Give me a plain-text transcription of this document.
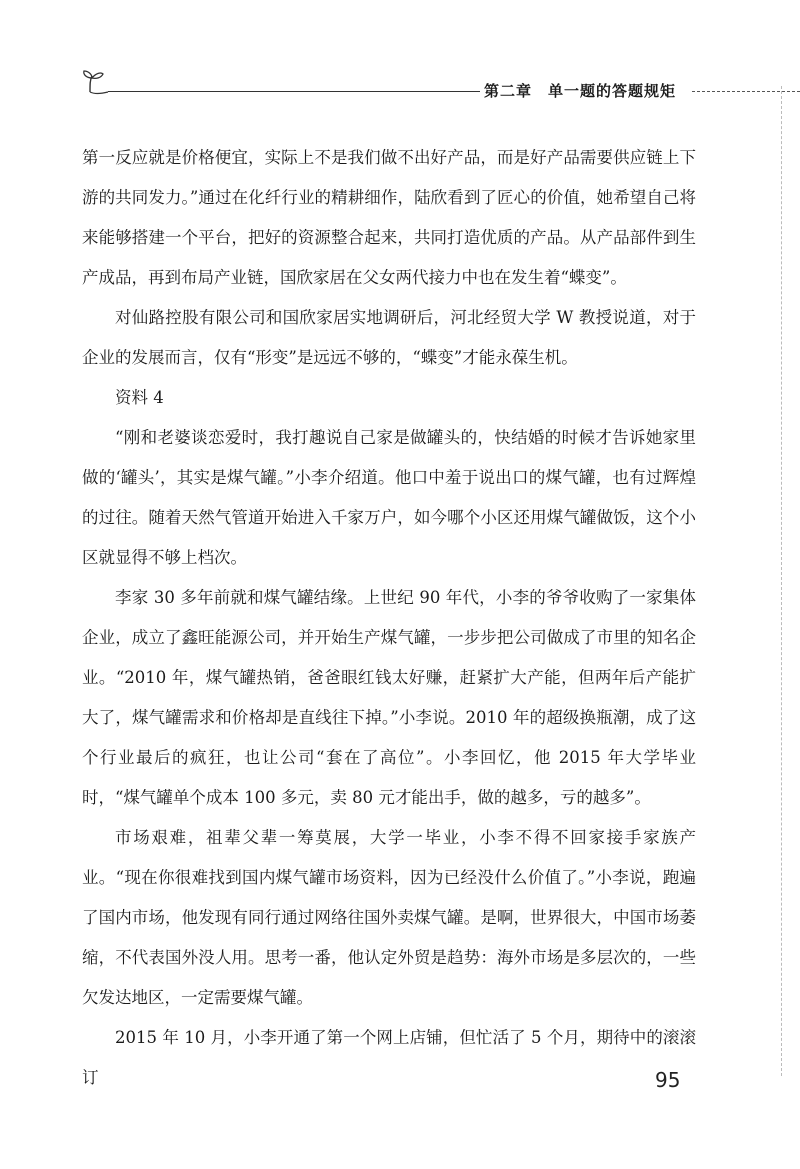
第二章　单一题的答题规矩

第一反应就是价格便宜，实际上不是我们做不出好产品，而是好产品需要供应链上下游的共同发力。”通过在化纤行业的精耕细作，陆欣看到了匠心的价值，她希望自己将来能够搭建一个平台，把好的资源整合起来，共同打造优质的产品。从产品部件到生产成品，再到布局产业链，国欣家居在父女两代接力中也在发生着“蝶变”。

对仙路控股有限公司和国欣家居实地调研后，河北经贸大学 W 教授说道，对于企业的发展而言，仅有“形变”是远远不够的，“蝶变”才能永葆生机。

资料 4

“刚和老婆谈恋爱时，我打趣说自己家是做罐头的，快结婚的时候才告诉她家里做的‘罐头’，其实是煤气罐。”小李介绍道。他口中羞于说出口的煤气罐，也有过辉煌的过往。随着天然气管道开始进入千家万户，如今哪个小区还用煤气罐做饭，这个小区就显得不够上档次。

李家 30 多年前就和煤气罐结缘。上世纪 90 年代，小李的爷爷收购了一家集体企业，成立了鑫旺能源公司，并开始生产煤气罐，一步步把公司做成了市里的知名企业。“2010 年，煤气罐热销，爸爸眼红钱太好赚，赶紧扩大产能，但两年后产能扩大了，煤气罐需求和价格却是直线往下掉。”小李说。2010 年的超级换瓶潮，成了这个行业最后的疯狂，也让公司“套在了高位”。小李回忆，他 2015 年大学毕业时，“煤气罐单个成本 100 多元，卖 80 元才能出手，做的越多，亏的越多”。

市场艰难，祖辈父辈一筹莫展，大学一毕业，小李不得不回家接手家族产业。“现在你很难找到国内煤气罐市场资料，因为已经没什么价值了。”小李说，跑遍了国内市场，他发现有同行通过网络往国外卖煤气罐。是啊，世界很大，中国市场萎缩，不代表国外没人用。思考一番，他认定外贸是趋势：海外市场是多层次的，一些欠发达地区，一定需要煤气罐。

2015 年 10 月，小李开通了第一个网上店铺，但忙活了 5 个月，期待中的滚滚订	95
